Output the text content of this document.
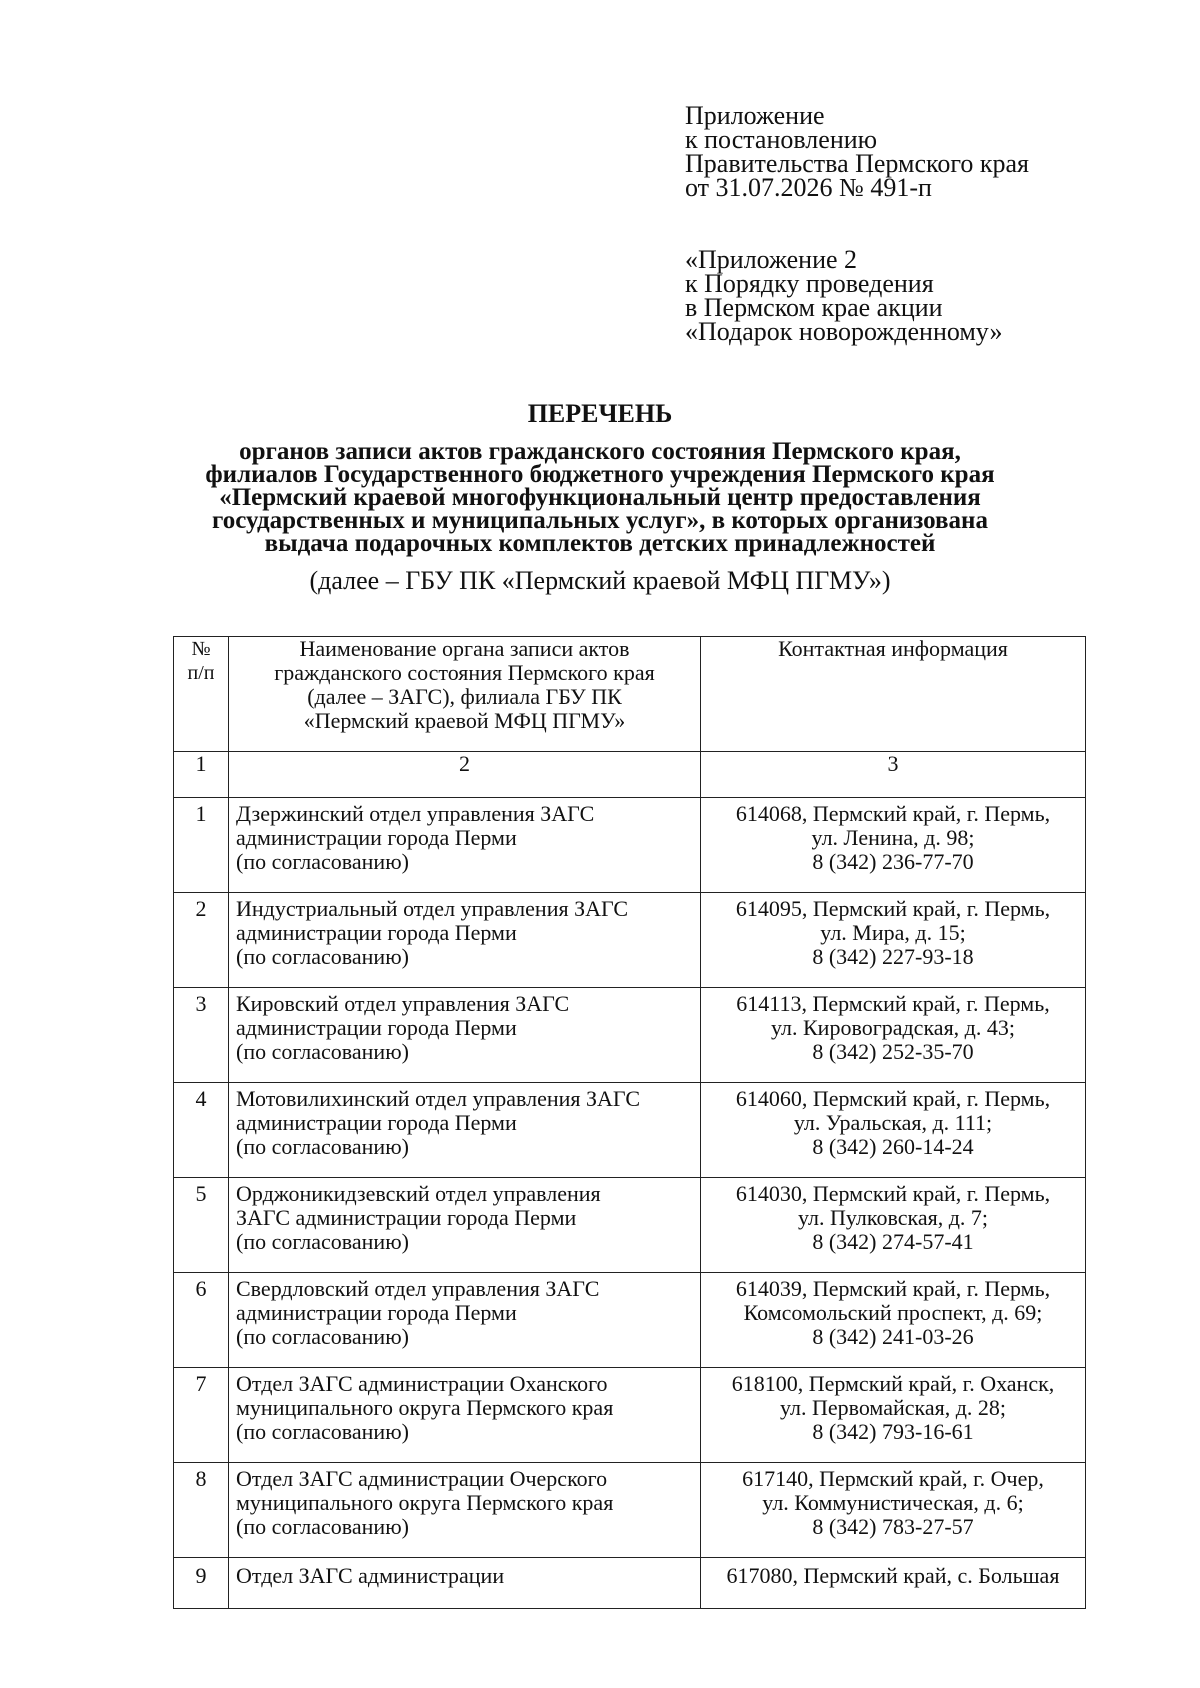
Приложение
к постановлению
Правительства Пермского края
от 31.07.2026 № 491-п
«Приложение 2
к Порядку проведения
в Пермском крае акции
«Подарок новорожденному»
ПЕРЕЧЕНЬ
органов записи актов гражданского состояния Пермского края,
филиалов Государственного бюджетного учреждения Пермского края
«Пермский краевой многофункциональный центр предоставления
государственных и муниципальных услуг», в которых организована
выдача подарочных комплектов детских принадлежностей
(далее – ГБУ ПК «Пермский краевой МФЦ ПГМУ»)
№
п/п	Наименование органа записи актов
гражданского состояния Пермского края
(далее – ЗАГС), филиала ГБУ ПК
«Пермский краевой МФЦ ПГМУ»	Контактная информация
1	2	3
1	Дзержинский отдел управления ЗАГС
администрации города Перми
(по согласованию)	614068, Пермский край, г. Пермь,
ул. Ленина, д. 98;
8 (342) 236-77-70

2	Индустриальный отдел управления ЗАГС
администрации города Перми
(по согласованию)	614095, Пермский край, г. Пермь,
ул. Мира, д. 15;
8 (342) 227-93-18

3	Кировский отдел управления ЗАГС
администрации города Перми
(по согласованию)	614113, Пермский край, г. Пермь,
ул. Кировоградская, д. 43;
8 (342) 252-35-70

4	Мотовилихинский отдел управления ЗАГС
администрации города Перми
(по согласованию)	614060, Пермский край, г. Пермь,
ул. Уральская, д. 111;
8 (342) 260-14-24

5	Орджоникидзевский отдел управления
ЗАГС администрации города Перми
(по согласованию)	614030, Пермский край, г. Пермь,
ул. Пулковская, д. 7;
8 (342) 274-57-41

6	Свердловский отдел управления ЗАГС
администрации города Перми
(по согласованию)	614039, Пермский край, г. Пермь,
Комсомольский проспект, д. 69;
8 (342) 241-03-26

7	Отдел ЗАГС администрации Оханского
муниципального округа Пермского края
(по согласованию)	618100, Пермский край, г. Оханск,
ул. Первомайская, д. 28;
8 (342) 793-16-61

8	Отдел ЗАГС администрации Очерского
муниципального округа Пермского края
(по согласованию)	617140, Пермский край, г. Очер,
ул. Коммунистическая, д. 6;
8 (342) 783-27-57

9	Отдел ЗАГС администрации	617080, Пермский край, с. Большая
